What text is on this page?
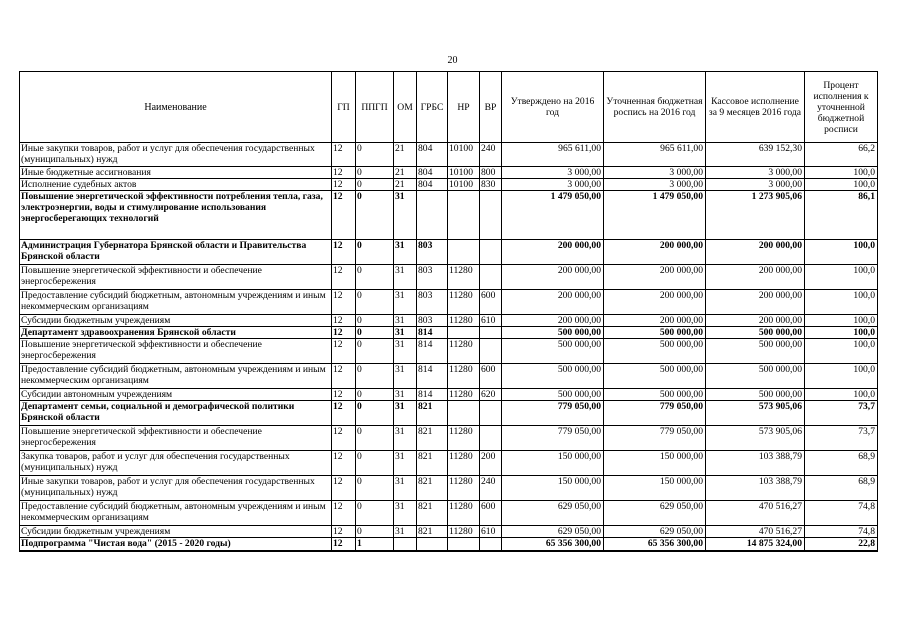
20
Наименование	ГП	ППГП	ОМ	ГРБС	НР	ВР	Утверждено на 2016 год	Уточненная бюджетная роспись на 2016 год	Кассовое исполнение за 9 месяцев 2016 года	Процент исполнения к уточненной бюджетной росписи
Иные закупки товаров, работ и услуг для обеспечения государственных (муниципальных) нужд	12	0	21	804	10100	240	965 611,00	965 611,00	639 152,30	66,2
Иные бюджетные ассигнования	12	0	21	804	10100	800	3 000,00	3 000,00	3 000,00	100,0
Исполнение судебных актов	12	0	21	804	10100	830	3 000,00	3 000,00	3 000,00	100,0
Повышение энергетической эффективности потребления тепла, газа, электроэнергии, воды и стимулирование использования энергосберегающих технологий	12	0	31				1 479 050,00	1 479 050,00	1 273 905,06	86,1
Администрация Губернатора Брянской области и Правительства Брянской области	12	0	31	803			200 000,00	200 000,00	200 000,00	100,0
Повышение энергетической эффективности и обеспечение энергосбережения	12	0	31	803	11280		200 000,00	200 000,00	200 000,00	100,0
Предоставление субсидий бюджетным, автономным учреждениям и иным некоммерческим организациям	12	0	31	803	11280	600	200 000,00	200 000,00	200 000,00	100,0
Субсидии бюджетным учреждениям	12	0	31	803	11280	610	200 000,00	200 000,00	200 000,00	100,0
Департамент здравоохранения Брянской области	12	0	31	814			500 000,00	500 000,00	500 000,00	100,0
Повышение энергетической эффективности и обеспечение энергосбережения	12	0	31	814	11280		500 000,00	500 000,00	500 000,00	100,0
Предоставление субсидий бюджетным, автономным учреждениям и иным некоммерческим организациям	12	0	31	814	11280	600	500 000,00	500 000,00	500 000,00	100,0
Субсидии автономным учреждениям	12	0	31	814	11280	620	500 000,00	500 000,00	500 000,00	100,0
Департамент семьи, социальной и демографической политики Брянской области	12	0	31	821			779 050,00	779 050,00	573 905,06	73,7
Повышение энергетической эффективности и обеспечение энергосбережения	12	0	31	821	11280		779 050,00	779 050,00	573 905,06	73,7
Закупка товаров, работ и услуг для обеспечения государственных (муниципальных) нужд	12	0	31	821	11280	200	150 000,00	150 000,00	103 388,79	68,9
Иные закупки товаров, работ и услуг для обеспечения государственных (муниципальных) нужд	12	0	31	821	11280	240	150 000,00	150 000,00	103 388,79	68,9
Предоставление субсидий бюджетным, автономным учреждениям и иным некоммерческим организациям	12	0	31	821	11280	600	629 050,00	629 050,00	470 516,27	74,8
Субсидии бюджетным учреждениям	12	0	31	821	11280	610	629 050,00	629 050,00	470 516,27	74,8
Подпрограмма "Чистая вода" (2015 - 2020 годы)	12	1					65 356 300,00	65 356 300,00	14 875 324,00	22,8
